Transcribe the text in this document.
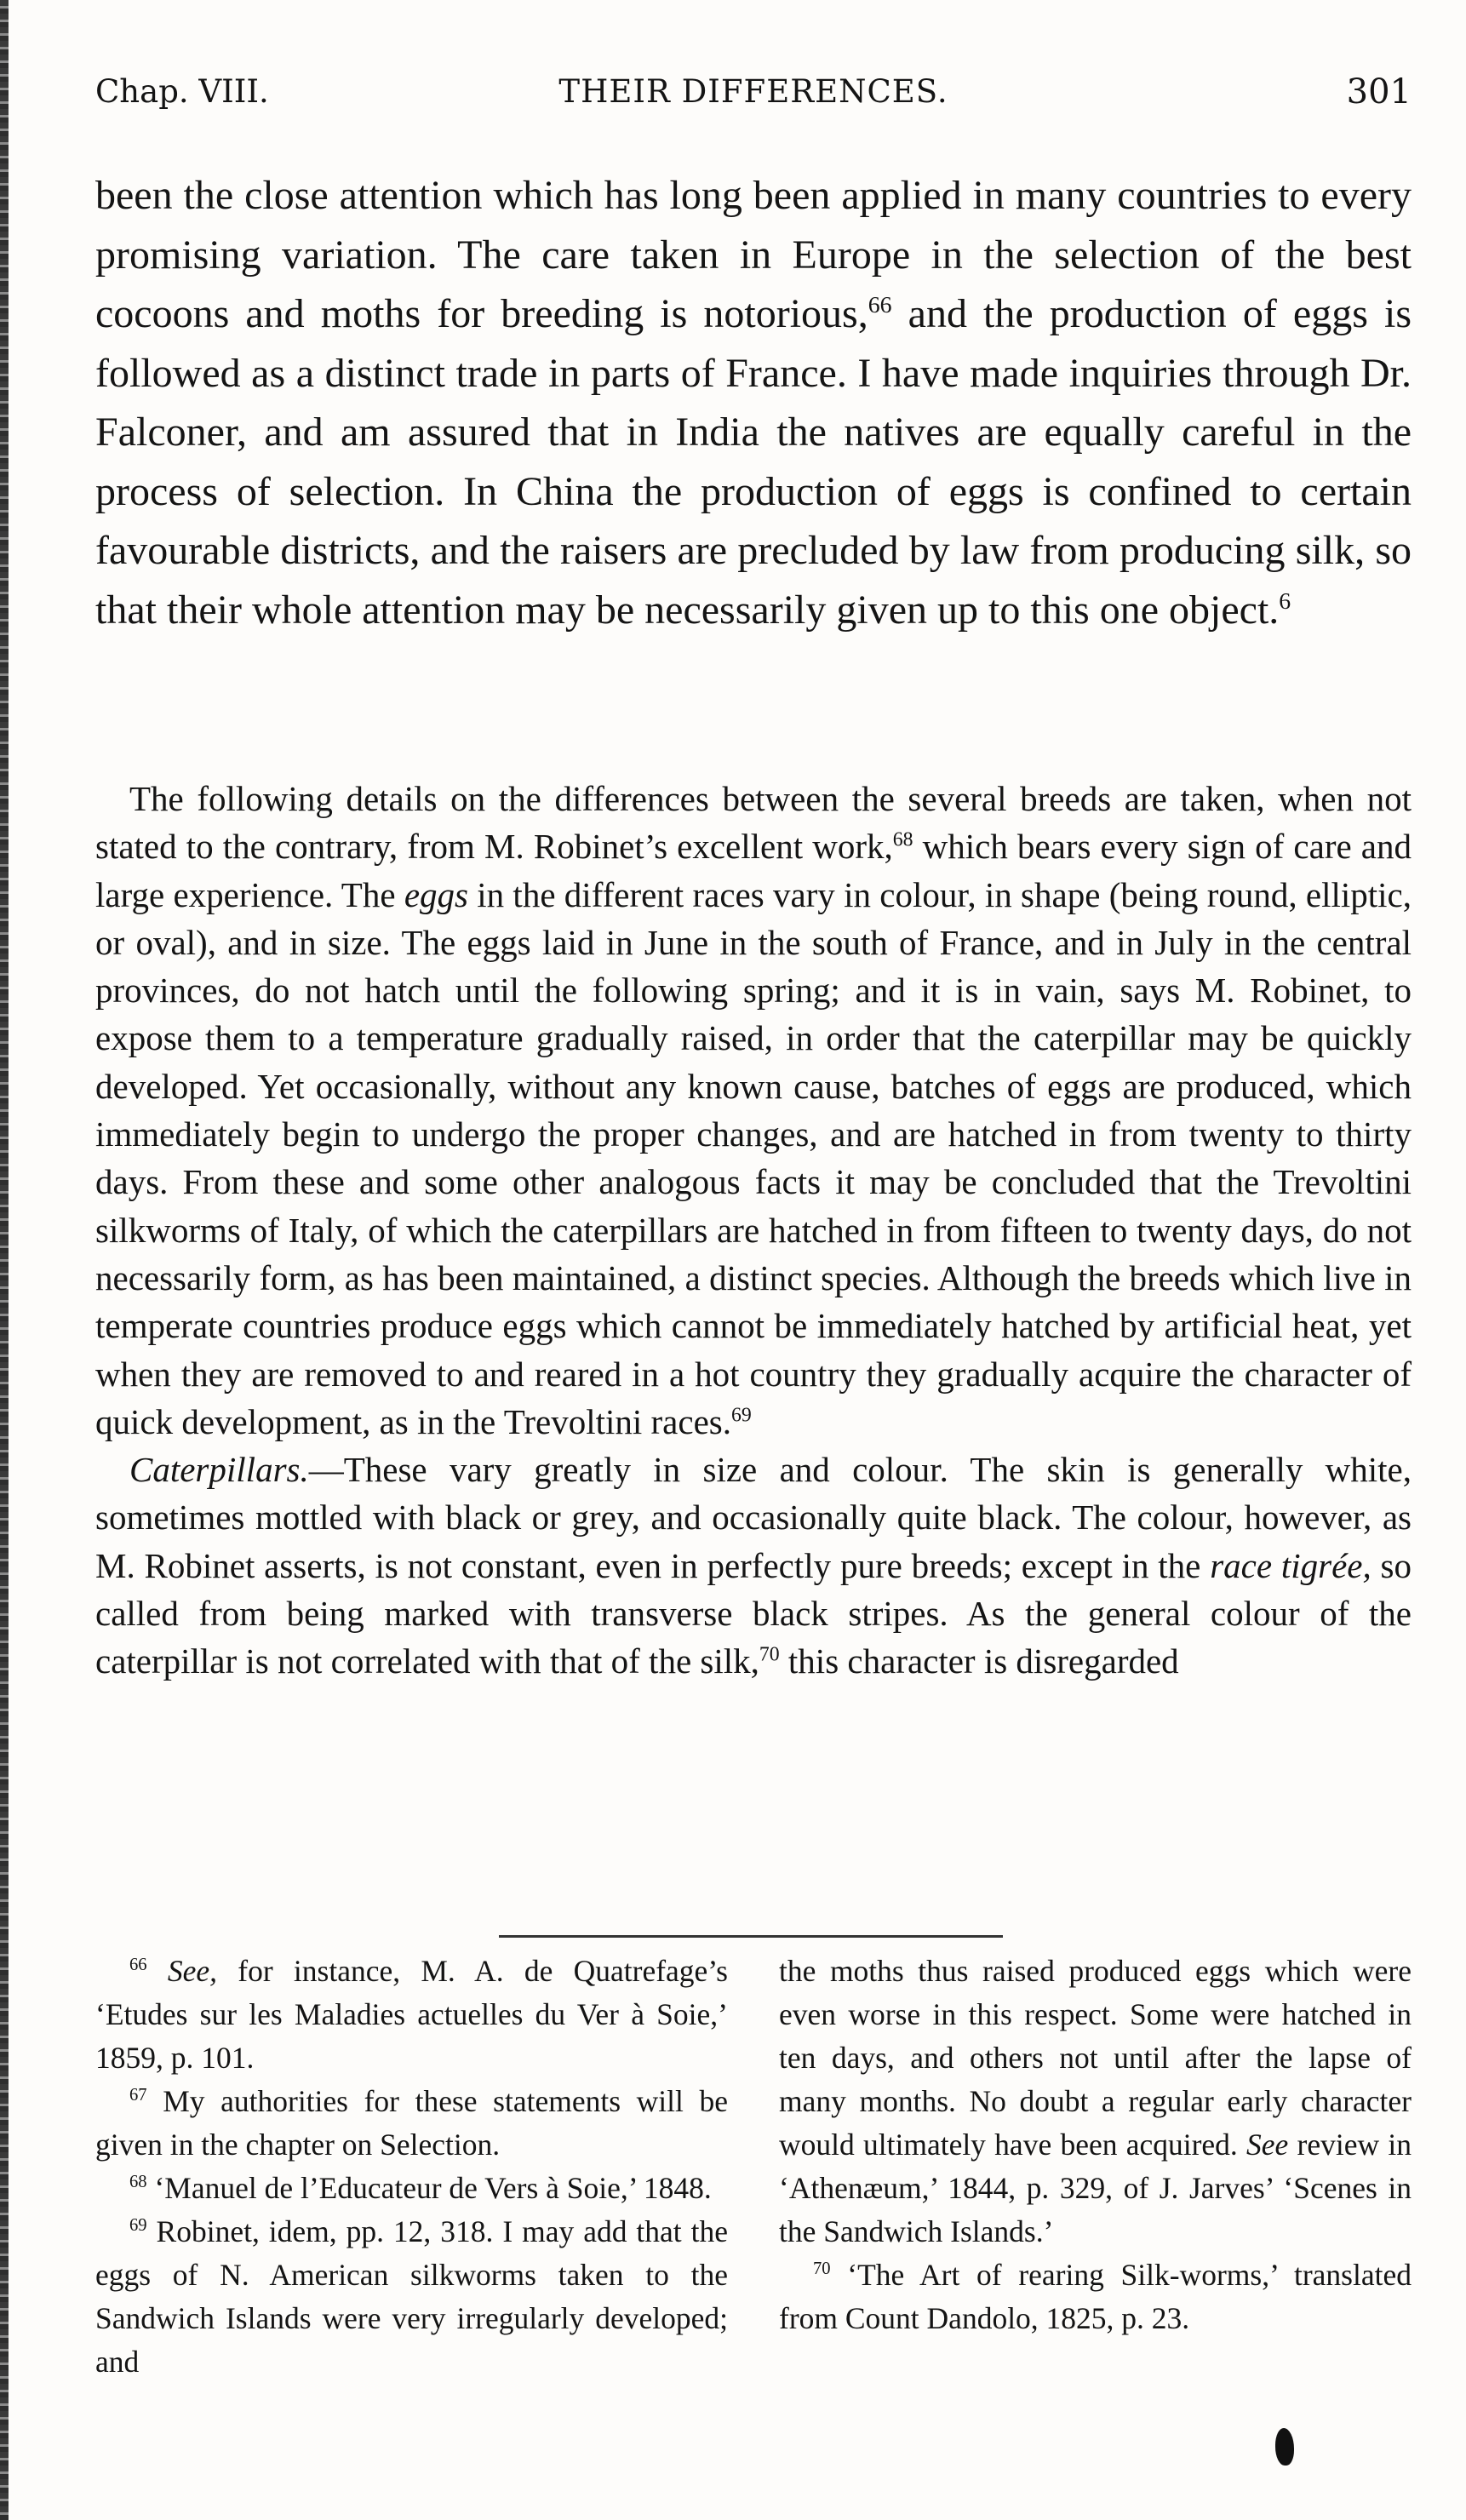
Chap. VIII.	THEIR DIFFERENCES.	301

been the close attention which has long been applied in many countries to every promising variation. The care taken in Europe in the selection of the best cocoons and moths for breeding is notorious,$^{66}$ and the production of eggs is followed as a distinct trade in parts of France. I have made inquiries through Dr. Falconer, and am assured that in India the natives are equally careful in the process of selection. In China the production of eggs is confined to certain favourable districts, and the raisers are precluded by law from producing silk, so that their whole attention may be necessarily given up to this one object.$^6$

The following details on the differences between the several breeds are taken, when not stated to the contrary, from M. Robinet’s excellent work,$^{68}$ which bears every sign of care and large experience. The eggs in the different races vary in colour, in shape (being round, elliptic, or oval), and in size. The eggs laid in June in the south of France, and in July in the central provinces, do not hatch until the following spring; and it is in vain, says M. Robinet, to expose them to a temperature gradually raised, in order that the caterpillar may be quickly developed. Yet occasionally, without any known cause, batches of eggs are produced, which immediately begin to undergo the proper changes, and are hatched in from twenty to thirty days. From these and some other analogous facts it may be concluded that the Trevoltini silkworms of Italy, of which the caterpillars are hatched in from fifteen to twenty days, do not necessarily form, as has been maintained, a distinct species. Although the breeds which live in temperate countries produce eggs which cannot be immediately hatched by artificial heat, yet when they are removed to and reared in a hot country they gradually acquire the character of quick development, as in the Trevoltini races.$^{69}$

Caterpillars.—These vary greatly in size and colour. The skin is generally white, sometimes mottled with black or grey, and occasionally quite black. The colour, however, as M. Robinet asserts, is not constant, even in perfectly pure breeds; except in the race tigrée, so called from being marked with transverse black stripes. As the general colour of the caterpillar is not correlated with that of the silk,$^{70}$ this character is disregarded

$^{66}$ See, for instance, M. A. de Quatrefage’s ‘Etudes sur les Maladies actuelles du Ver à Soie,’ 1859, p. 101.

$^{67}$ My authorities for these statements will be given in the chapter on Selection.

$^{68}$ ‘Manuel de l’Educateur de Vers à Soie,’ 1848.

$^{69}$ Robinet, idem, pp. 12, 318. I may add that the eggs of N. American silkworms taken to the Sandwich Islands were very irregularly developed; and

the moths thus raised produced eggs which were even worse in this respect. Some were hatched in ten days, and others not until after the lapse of many months. No doubt a regular early character would ultimately have been acquired. See review in ‘Athenæum,’ 1844, p. 329, of J. Jarves’ ‘Scenes in the Sandwich Islands.’

$^{70}$ ‘The Art of rearing Silk-worms,’ translated from Count Dandolo, 1825, p. 23.
